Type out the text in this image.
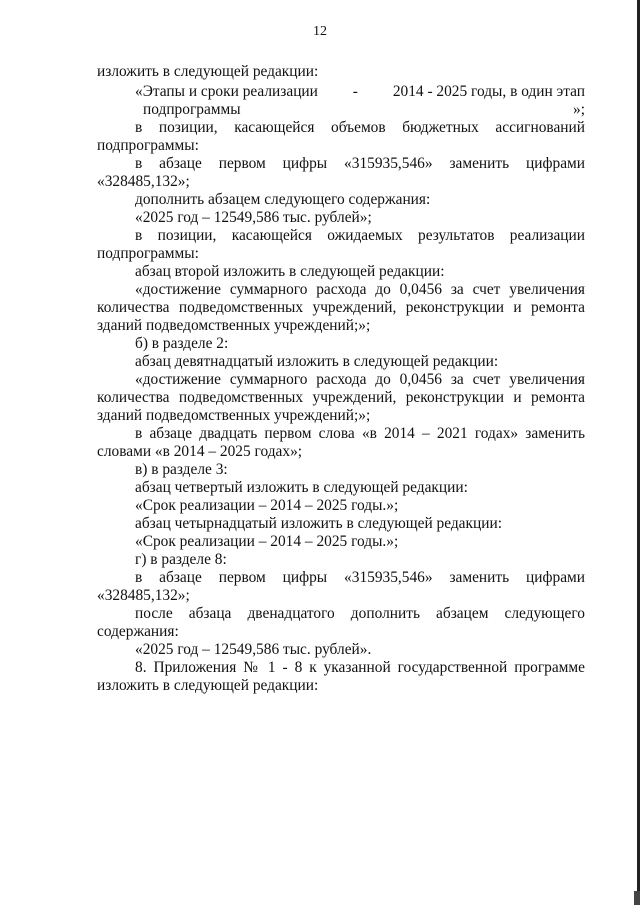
12
изложить в следующей редакции:
«Этапы и сроки реализации - 2014 - 2025 годы, в один этап
подпрограммы	»;
в позиции, касающейся объемов бюджетных ассигнований
подпрограммы:
в абзаце первом цифры «315935,546» заменить цифрами
«328485,132»;
дополнить абзацем следующего содержания:
«2025 год – 12549,586 тыс. рублей»;
в позиции, касающейся ожидаемых результатов реализации
подпрограммы:
абзац второй изложить в следующей редакции:
«достижение суммарного расхода до 0,0456 за счет увеличения
количества подведомственных учреждений, реконструкции и ремонта
зданий подведомственных учреждений;»;
б) в разделе 2:
абзац девятнадцатый изложить в следующей редакции:
«достижение суммарного расхода до 0,0456 за счет увеличения
количества подведомственных учреждений, реконструкции и ремонта
зданий подведомственных учреждений;»;
в абзаце двадцать первом слова «в 2014 – 2021 годах» заменить
словами «в 2014 – 2025 годах»;
в) в разделе 3:
абзац четвертый изложить в следующей редакции:
«Срок реализации – 2014 – 2025 годы.»;
абзац четырнадцатый изложить в следующей редакции:
«Срок реализации – 2014 – 2025 годы.»;
г) в разделе 8:
в абзаце первом цифры «315935,546» заменить цифрами
«328485,132»;
после абзаца двенадцатого дополнить абзацем следующего
содержания:
«2025 год – 12549,586 тыс. рублей».
8. Приложения № 1 - 8 к указанной государственной программе
изложить в следующей редакции:
